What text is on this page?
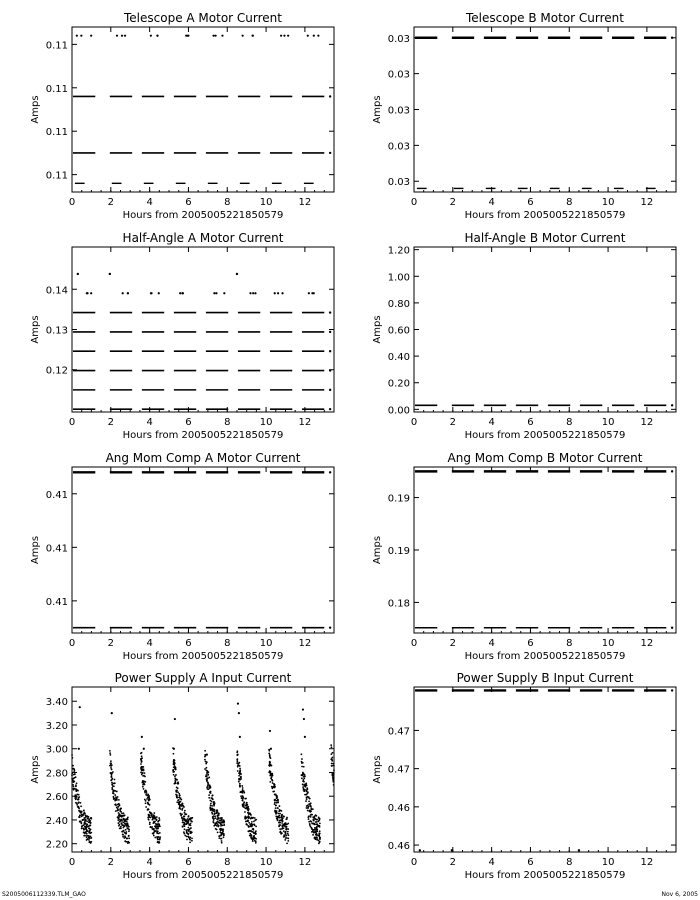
Telescope A Motor Current
0	2	4	6	8	10	12
0.11
0.11
0.11
0.11
Hours from 2005005221850579
Amps
Telescope B Motor Current
0	2	4	6	8	10	12
0.03
0.03
0.03
0.03
0.03
Hours from 2005005221850579
Amps
Half-Angle A Motor Current
0	2	4	6	8	10	12
0.12
0.13
0.14
Hours from 2005005221850579
Amps
Half-Angle B Motor Current
0	2	4	6	8	10	12
0.00
0.20
0.40
0.60
0.80
1.00
1.20
Hours from 2005005221850579
Amps
Ang Mom Comp A Motor Current
0	2	4	6	8	10	12
0.41
0.41
0.41
Hours from 2005005221850579
Amps
Ang Mom Comp B Motor Current
0	2	4	6	8	10	12
0.18
0.19
0.19
Hours from 2005005221850579
Amps
Power Supply A Input Current
0	2	4	6	8	10	12
2.20
2.40
2.60
2.80
3.00
3.20
3.40
Hours from 2005005221850579
Amps
Power Supply B Input Current
0	2	4	6	8	10	12
0.46
0.46
0.47
0.47
Hours from 2005005221850579
Amps
S2005006112339.TLM_GAO	Nov 6, 2005
